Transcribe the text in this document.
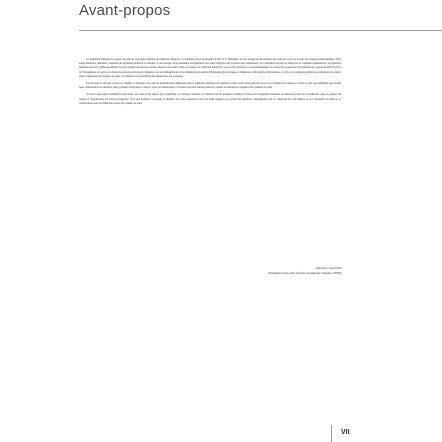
Avant-propos

La régulation médicale des appels de santé de la Société française de médecine d'urgence, coordonnée par les professeurs P. Ray et E. Desmettre, est un ouvrage incontournable qui s'adresse à tous les acteurs de l'urgence préhospitalière, qu'ils soient médecins, infirmiers, assistants de régulation médicale ou internes. À une époque où les demandes d'organisation des soins d'urgence sont toujours plus nombreuses, où la demande de prise en charge est en constante augmentation, la régulation médicale apparaît comme un élément clé pour garantir une réponse rapide, adaptée et sécurisée. Dans ce contexte, la régulation médicale a vu son rôle s'étendre et se professionnaliser, les centres de réception et de régulation des appels devenant le pivot de l'organisation de la prise en charge des patients en situation d'urgence. Les recommandations et les référentiels ont permis d'harmoniser les pratiques et d'améliorer l'efficacité des interventions. Le rôle de la régulation médicale est ainsi devenu central dans l'organisation du système de santé, en s'adaptant aux spécificités des situations et des territoires.

Cet ouvrage se veut une ressource complète et moderne pour tous les professionnels impliqués dans la régulation médicale des appels de santé, qu'ils soient déjà en poste ou en formation. Il s'adresse à celles et ceux qui souhaitent approfondir leurs connaissances et améliorer leurs pratiques, mais aussi à celles et ceux qui s'intéressent à l'évolution de cette fonction dans un contexte de mutations constantes des systèmes de santé.

À travers une analyse détaillée des processus, des outils et des enjeux de la régulation, cet ouvrage contribue à la réflexion sur les pratiques actuelles et futures de la régulation médicale, en mettant l'accent sur la qualité des soins, la gestion des risques et l'organisation des services d'urgence. Il est une invitation à repenser la manière dont nous assurons l'accès aux soins d'urgence, en offrant une meilleure compréhension de la complexité de cette mission et de la nécessité de renforcer la collaboration entre les différents acteurs du système de santé.

Sandrine Charpentier
Présidente de la Société française de médecine d'urgence (SFMU)
VII
